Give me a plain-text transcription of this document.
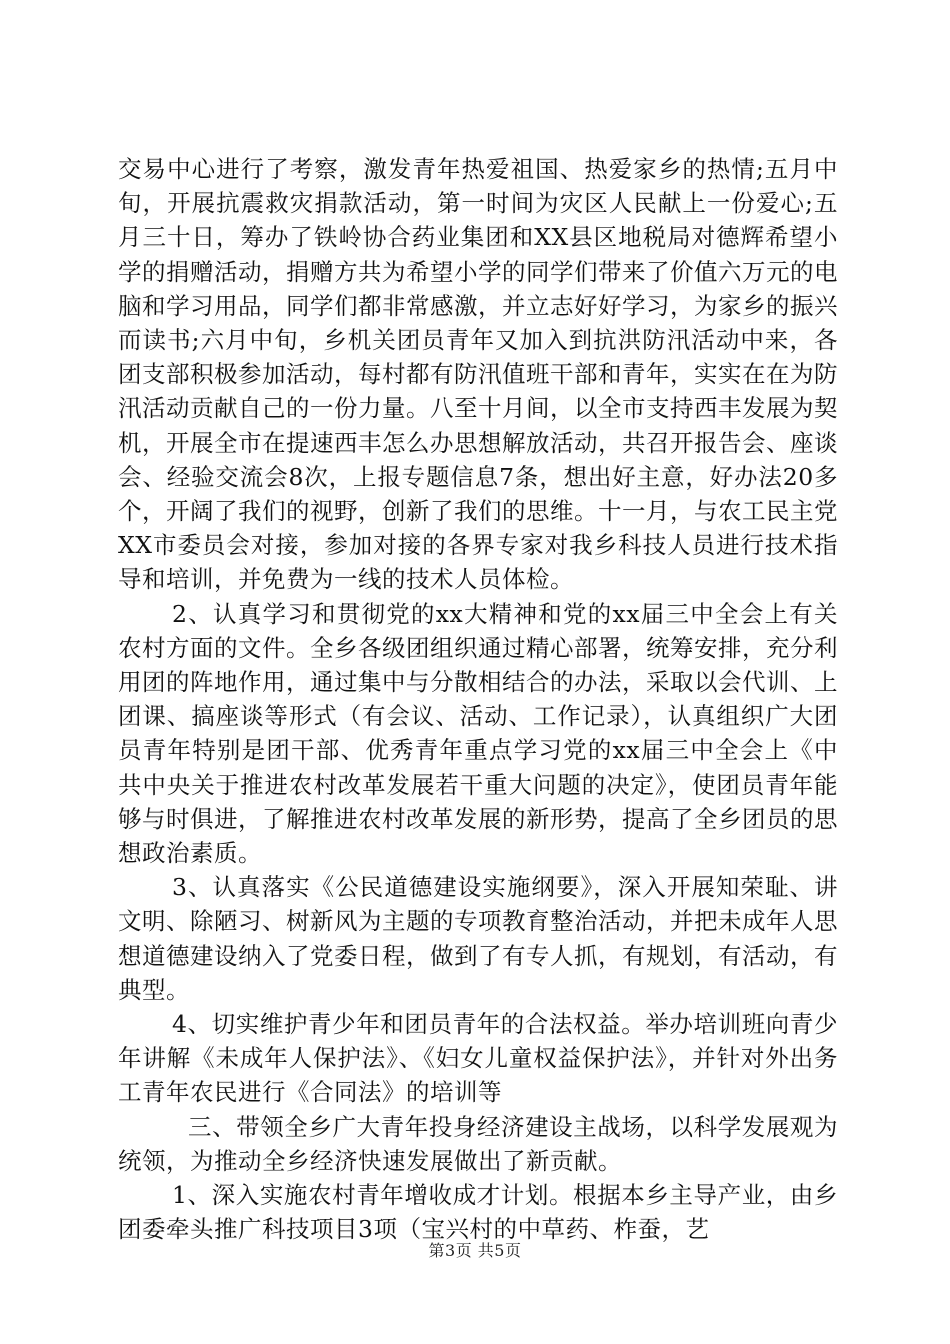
交易中心进行了考察，激发青年热爱祖国、热爱家乡的热情;五月中旬，开展抗震救灾捐款活动，第一时间为灾区人民献上一份爱心;五月三十日，筹办了铁岭协合药业集团和XX县区地税局对德辉希望小学的捐赠活动，捐赠方共为希望小学的同学们带来了价值六万元的电脑和学习用品，同学们都非常感激，并立志好好学习，为家乡的振兴而读书;六月中旬，乡机关团员青年又加入到抗洪防汛活动中来，各团支部积极参加活动，每村都有防汛值班干部和青年，实实在在为防汛活动贡献自己的一份力量。八至十月间，以全市支持西丰发展为契机，开展全市在提速西丰怎么办思想解放活动，共召开报告会、座谈会、经验交流会8次，上报专题信息7条，想出好主意，好办法20多个，开阔了我们的视野，创新了我们的思维。十一月，与农工民主党XX市委员会对接，参加对接的各界专家对我乡科技人员进行技术指导和培训，并免费为一线的技术人员体检。

2、认真学习和贯彻党的xx大精神和党的xx届三中全会上有关农村方面的文件。全乡各级团组织通过精心部署，统筹安排，充分利用团的阵地作用，通过集中与分散相结合的办法，采取以会代训、上团课、搞座谈等形式（有会议、活动、工作记录），认真组织广大团员青年特别是团干部、优秀青年重点学习党的xx届三中全会上《中共中央关于推进农村改革发展若干重大问题的决定》，使团员青年能够与时俱进，了解推进农村改革发展的新形势，提高了全乡团员的思想政治素质。

3、认真落实《公民道德建设实施纲要》，深入开展知荣耻、讲文明、除陋习、树新风为主题的专项教育整治活动，并把未成年人思想道德建设纳入了党委日程，做到了有专人抓，有规划，有活动，有典型。

4、切实维护青少年和团员青年的合法权益。举办培训班向青少年讲解《未成年人保护法》、《妇女儿童权益保护法》，并针对外出务工青年农民进行《合同法》的培训等

三、带领全乡广大青年投身经济建设主战场，以科学发展观为统领，为推动全乡经济快速发展做出了新贡献。

1、深入实施农村青年增收成才计划。根据本乡主导产业，由乡团委牵头推广科技项目3项（宝兴村的中草药、柞蚕，艺

第3页 共5页
